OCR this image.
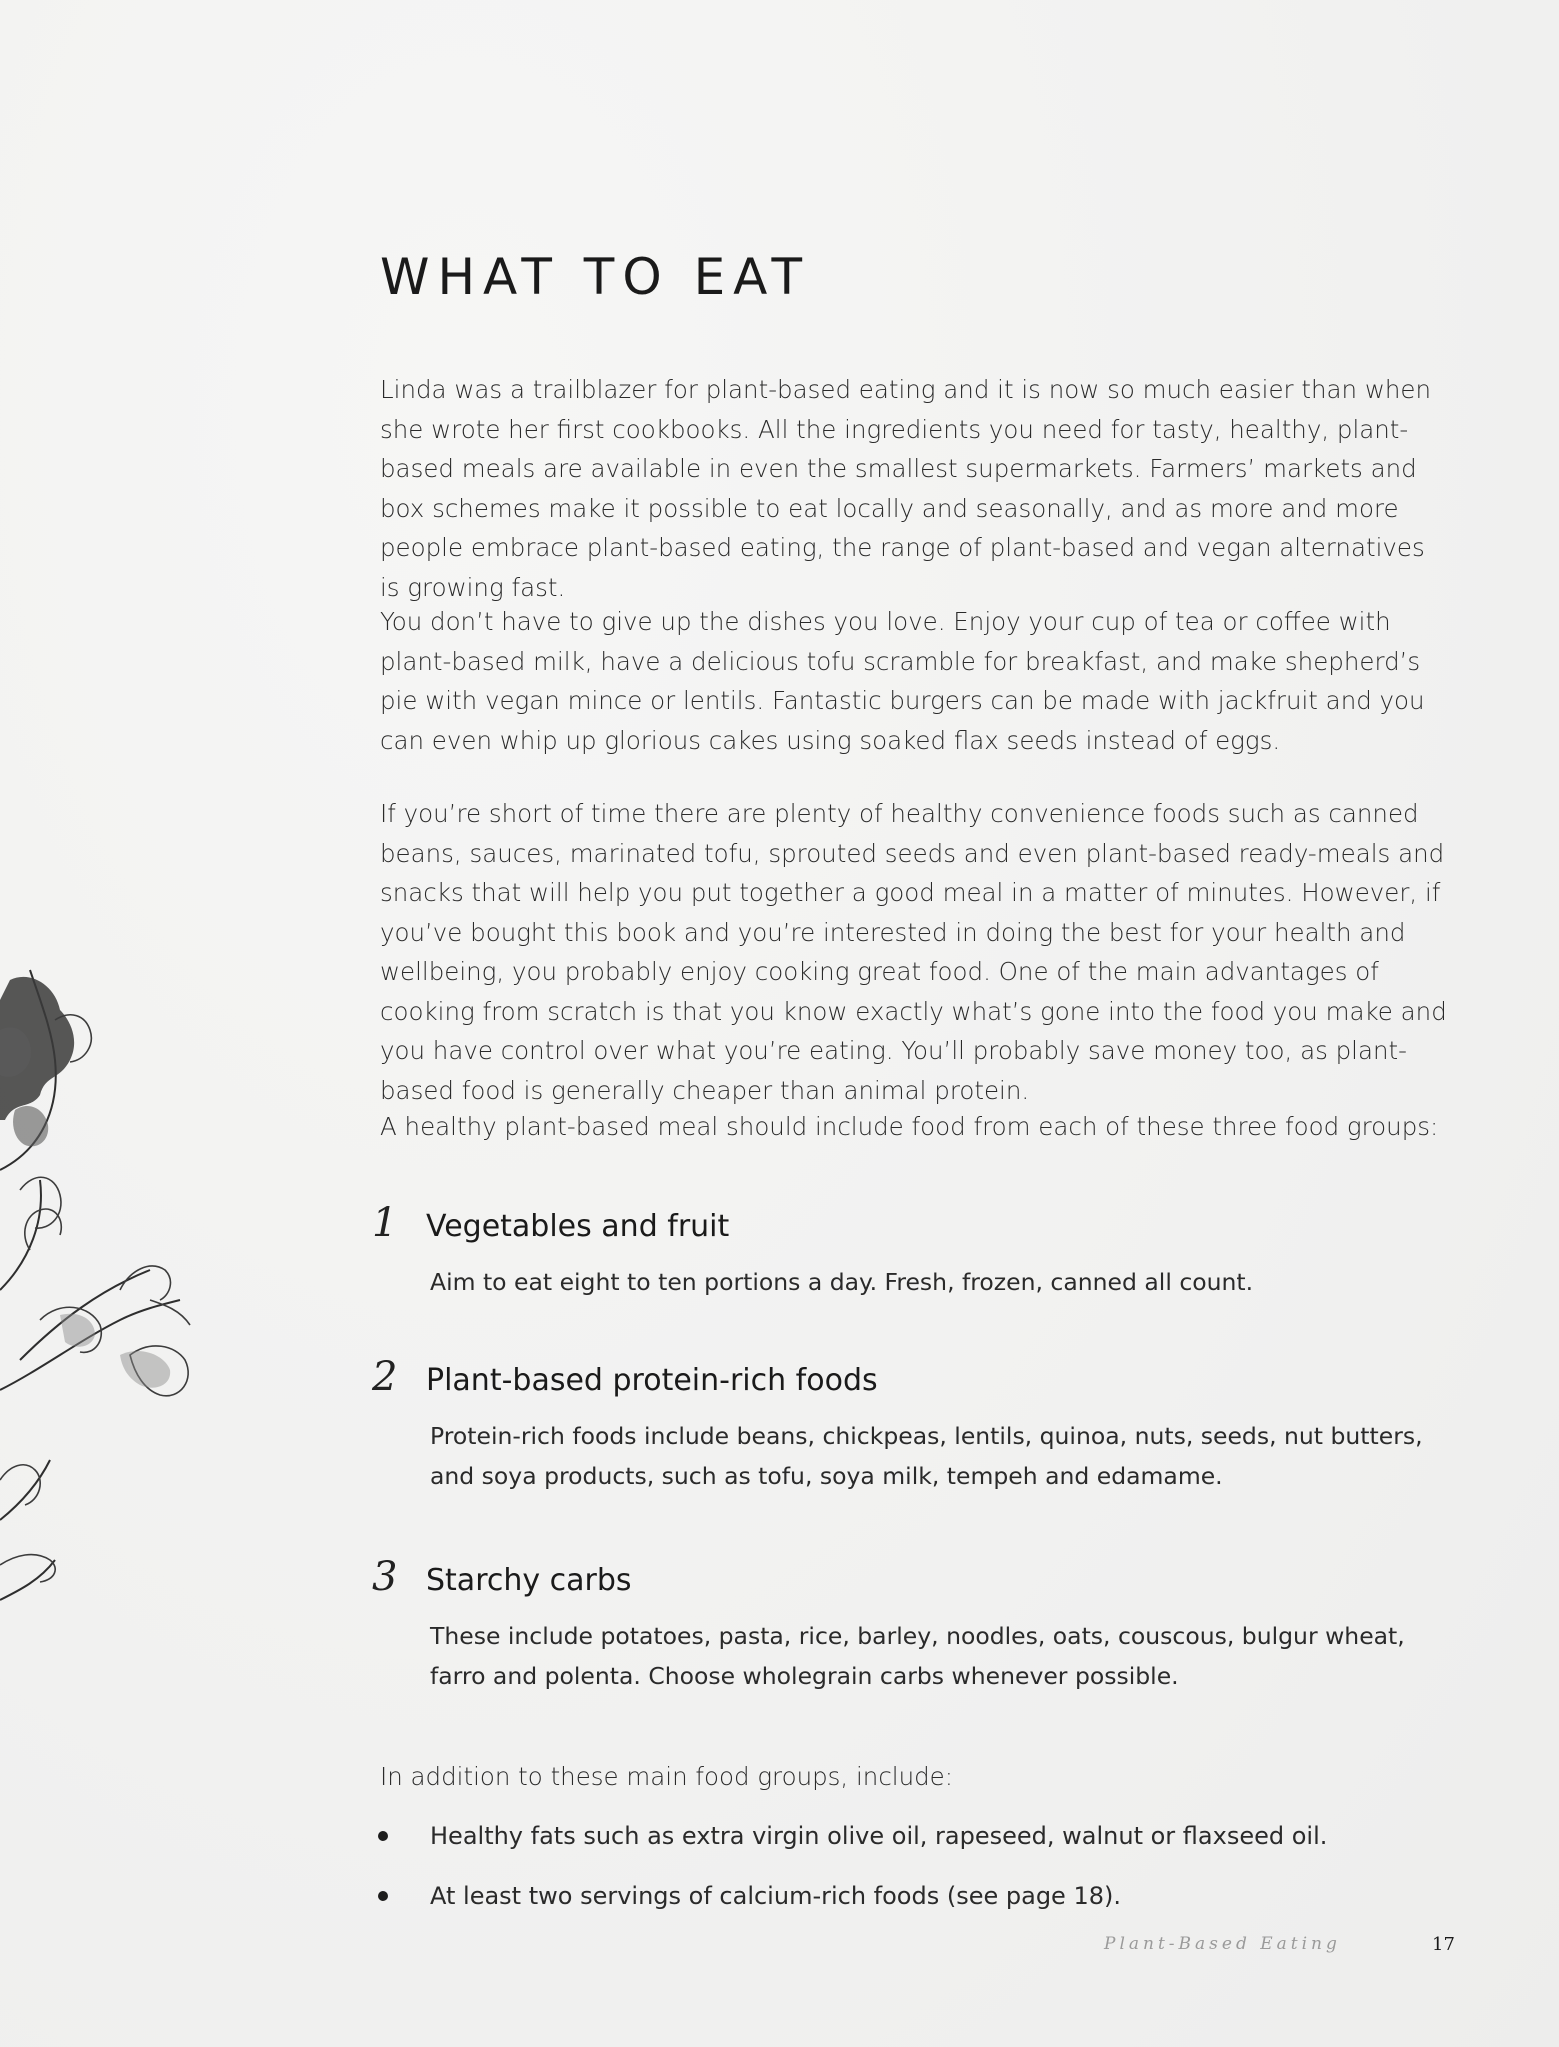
WHAT TO EAT

Linda was a trailblazer for plant-based eating and it is now so much easier than when she wrote her first cookbooks. All the ingredients you need for tasty, healthy, plant-based meals are available in even the smallest supermarkets. Farmers’ markets and box schemes make it possible to eat locally and seasonally, and as more and more people embrace plant-based eating, the range of plant-based and vegan alternatives is growing fast.

You don’t have to give up the dishes you love. Enjoy your cup of tea or coffee with plant-based milk, have a delicious tofu scramble for breakfast, and make shepherd’s pie with vegan mince or lentils. Fantastic burgers can be made with jackfruit and you can even whip up glorious cakes using soaked flax seeds instead of eggs.

If you’re short of time there are plenty of healthy convenience foods such as canned beans, sauces, marinated tofu, sprouted seeds and even plant-based ready-meals and snacks that will help you put together a good meal in a matter of minutes. However, if you’ve bought this book and you’re interested in doing the best for your health and wellbeing, you probably enjoy cooking great food. One of the main advantages of cooking from scratch is that you know exactly what’s gone into the food you make and you have control over what you’re eating. You’ll probably save money too, as plant-based food is generally cheaper than animal protein.

A healthy plant-based meal should include food from each of these three food groups:

1 Vegetables and fruit

Aim to eat eight to ten portions a day. Fresh, frozen, canned all count.

2 Plant-based protein-rich foods

Protein-rich foods include beans, chickpeas, lentils, quinoa, nuts, seeds, nut butters, and soya products, such as tofu, soya milk, tempeh and edamame.

3 Starchy carbs

These include potatoes, pasta, rice, barley, noodles, oats, couscous, bulgur wheat, farro and polenta. Choose wholegrain carbs whenever possible.

In addition to these main food groups, include:

Healthy fats such as extra virgin olive oil, rapeseed, walnut or flaxseed oil.
At least two servings of calcium-rich foods (see page 18).
Plant-Based Eating	17
